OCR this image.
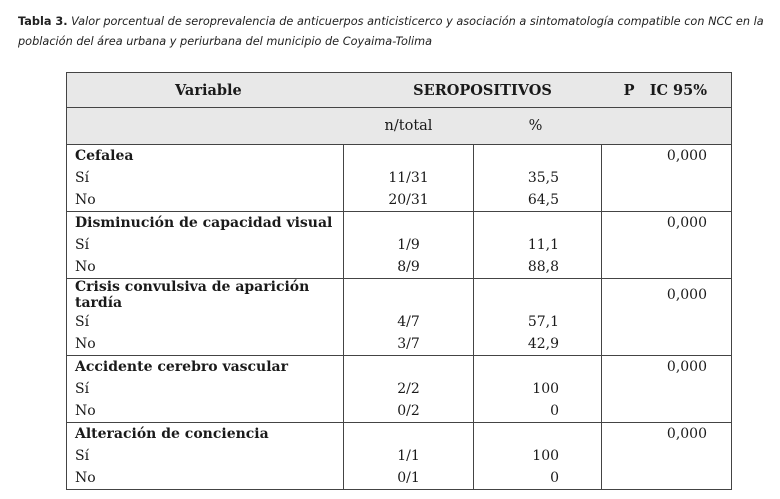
Tabla 3. Valor porcentual de seroprevalencia de anticuerpos anticisticerco y asociación a sintomatología compatible con NCC en la población del área urbana y periurbana del municipio de Coyaima-Tolima
Variable	SEROPOSITIVOS		P   IC 95%
	n/total	%	
Cefalea			0,000
Sí	11/31	35,5	
No	20/31	64,5	
Disminución de capacidad visual			0,000
Sí	1/9	11,1	
No	8/9	88,8	
Crisis convulsiva de aparición tardía			0,000
Sí	4/7	57,1	
No	3/7	42,9	
Accidente cerebro vascular			0,000
Sí	2/2	100	
No	0/2	0	
Alteración de conciencia			0,000
Sí	1/1	100	
No	0/1	0	
